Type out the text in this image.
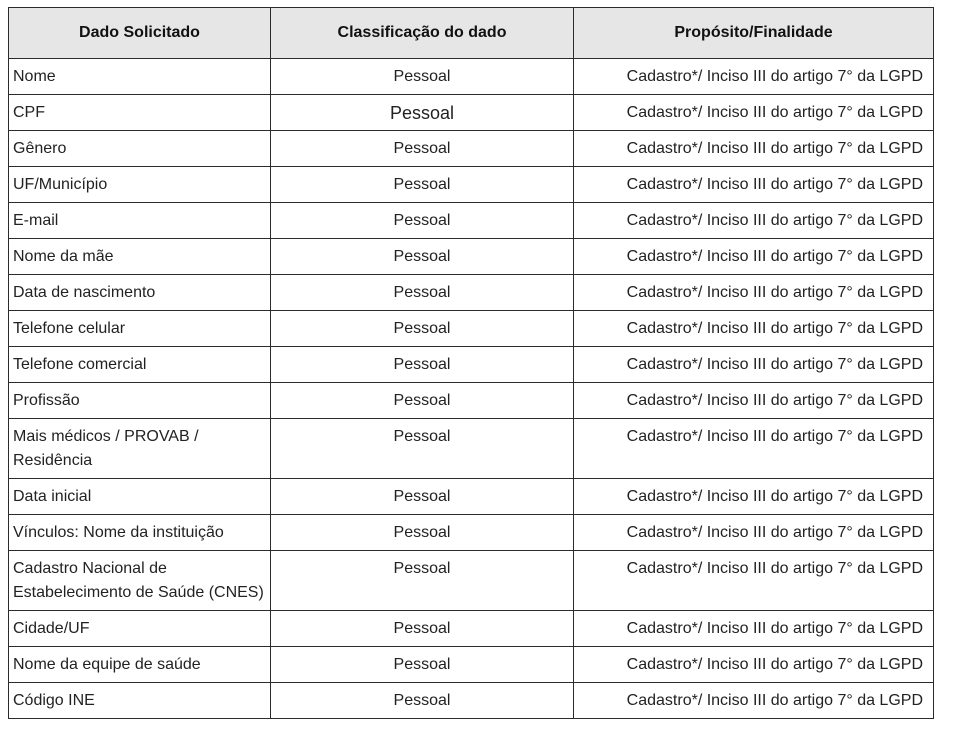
Dado Solicitado	Classificação do dado	Propósito/Finalidade
Nome	Pessoal	Cadastro*/ Inciso III do artigo 7° da LGPD
CPF	Pessoal	Cadastro*/ Inciso III do artigo 7° da LGPD
Gênero	Pessoal	Cadastro*/ Inciso III do artigo 7° da LGPD
UF/Município	Pessoal	Cadastro*/ Inciso III do artigo 7° da LGPD
E-mail	Pessoal	Cadastro*/ Inciso III do artigo 7° da LGPD
Nome da mãe	Pessoal	Cadastro*/ Inciso III do artigo 7° da LGPD
Data de nascimento	Pessoal	Cadastro*/ Inciso III do artigo 7° da LGPD
Telefone celular	Pessoal	Cadastro*/ Inciso III do artigo 7° da LGPD
Telefone comercial	Pessoal	Cadastro*/ Inciso III do artigo 7° da LGPD
Profissão	Pessoal	Cadastro*/ Inciso III do artigo 7° da LGPD
Mais médicos / PROVAB / Residência	Pessoal	Cadastro*/ Inciso III do artigo 7° da LGPD
Data inicial	Pessoal	Cadastro*/ Inciso III do artigo 7° da LGPD
Vínculos: Nome da instituição	Pessoal	Cadastro*/ Inciso III do artigo 7° da LGPD
Cadastro Nacional de Estabelecimento de Saúde (CNES)	Pessoal	Cadastro*/ Inciso III do artigo 7° da LGPD
Cidade/UF	Pessoal	Cadastro*/ Inciso III do artigo 7° da LGPD
Nome da equipe de saúde	Pessoal	Cadastro*/ Inciso III do artigo 7° da LGPD
Código INE	Pessoal	Cadastro*/ Inciso III do artigo 7° da LGPD
